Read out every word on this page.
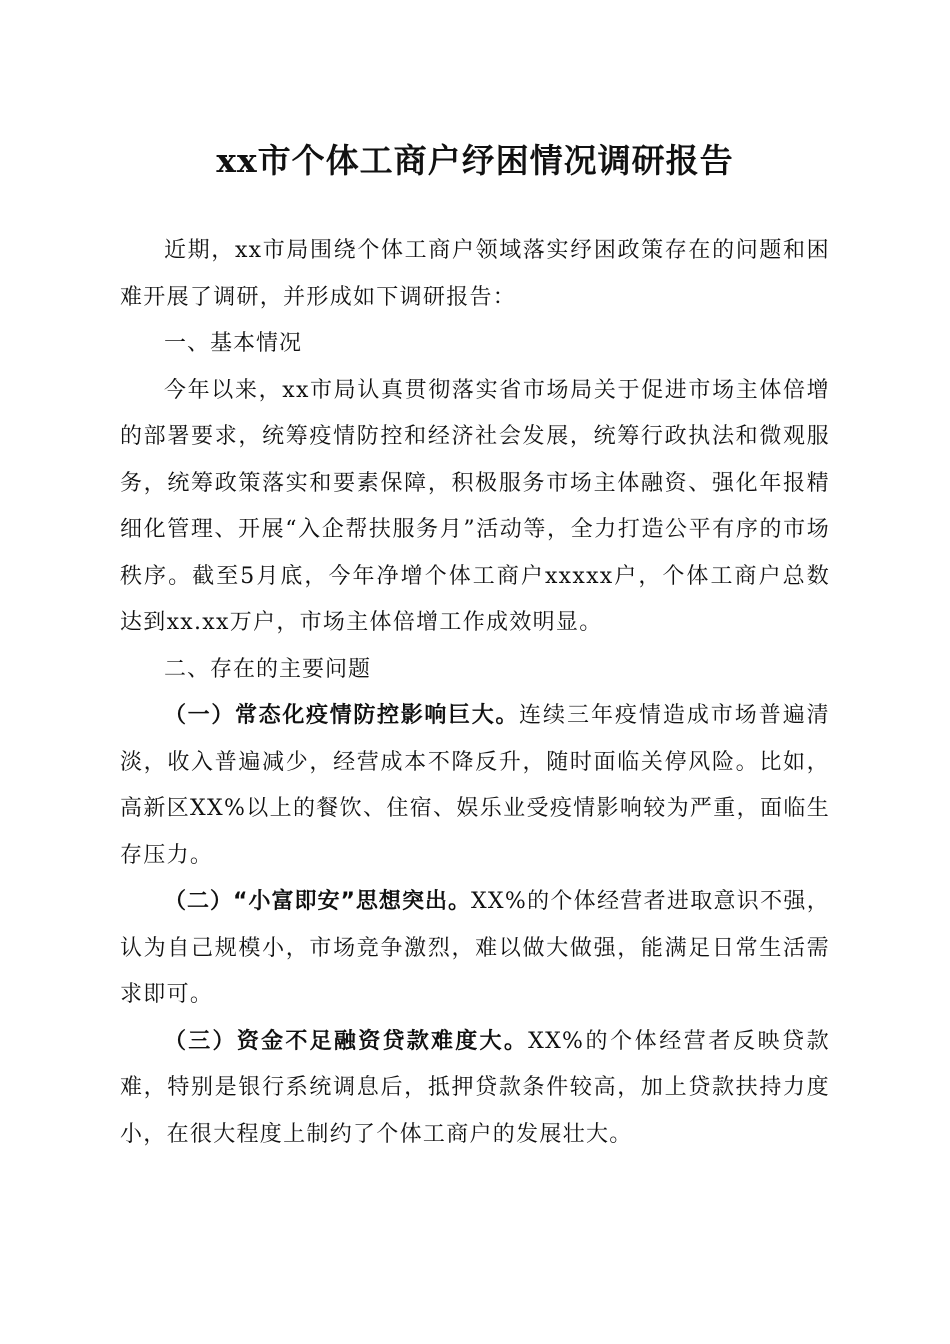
xx市个体工商户纾困情况调研报告

近期，xx市局围绕个体工商户领域落实纾困政策存在的问题和困难开展了调研，并形成如下调研报告：

一、基本情况

今年以来，xx市局认真贯彻落实省市场局关于促进市场主体倍增的部署要求，统筹疫情防控和经济社会发展，统筹行政执法和微观服务，统筹政策落实和要素保障，积极服务市场主体融资、强化年报精细化管理、开展“入企帮扶服务月”活动等，全力打造公平有序的市场秩序。截至5月底，今年净增个体工商户xxxxx户，个体工商户总数达到xx.xx万户，市场主体倍增工作成效明显。

二、存在的主要问题

（一）常态化疫情防控影响巨大。连续三年疫情造成市场普遍清淡，收入普遍减少，经营成本不降反升，随时面临关停风险。比如，高新区XX%以上的餐饮、住宿、娱乐业受疫情影响较为严重，面临生存压力。

（二）“小富即安”思想突出。XX%的个体经营者进取意识不强，认为自己规模小，市场竞争激烈，难以做大做强，能满足日常生活需求即可。

（三）资金不足融资贷款难度大。XX%的个体经营者反映贷款难，特别是银行系统调息后，抵押贷款条件较高，加上贷款扶持力度小，在很大程度上制约了个体工商户的发展壮大。
